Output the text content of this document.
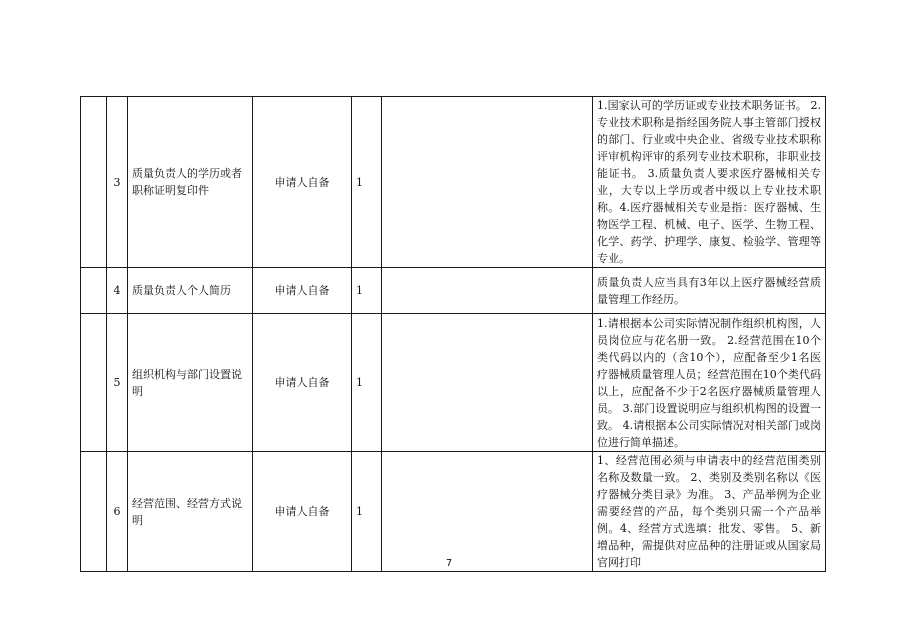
	3	质量负责人的学历或者职称证明复印件	申请人自备	1		1.国家认可的学历证或专业技术职务证书。 2.专业技术职称是指经国务院人事主管部门授权的部门、行业或中央企业、省级专业技术职称评审机构评审的系列专业技术职称，非职业技能证书。 3.质量负责人要求医疗器械相关专业，大专以上学历或者中级以上专业技术职称。4.医疗器械相关专业是指：医疗器械、生物医学工程、机械、电子、医学、生物工程、化学、药学、护理学、康复、检验学、管理等专业。

	4	质量负责人个人简历	申请人自备	1		质量负责人应当具有3年以上医疗器械经营质量管理工作经历。

	5	组织机构与部门设置说明	申请人自备	1		1.请根据本公司实际情况制作组织机构图，人员岗位应与花名册一致。 2.经营范围在10个类代码以内的（含10个），应配备至少1名医疗器械质量管理人员；经营范围在10个类代码以上，应配备不少于2名医疗器械质量管理人员。 3.部门设置说明应与组织机构图的设置一致。 4.请根据本公司实际情况对相关部门或岗位进行简单描述。

	6	经营范围、经营方式说明	申请人自备	1		1、经营范围必须与申请表中的经营范围类别名称及数量一致。 2、类别及类别名称以《医疗器械分类目录》为准。 3、产品举例为企业需要经营的产品，每个类别只需一个产品举例。4、经营方式选填：批发、零售。 5、新增品种，需提供对应品种的注册证或从国家局官网打印
7
